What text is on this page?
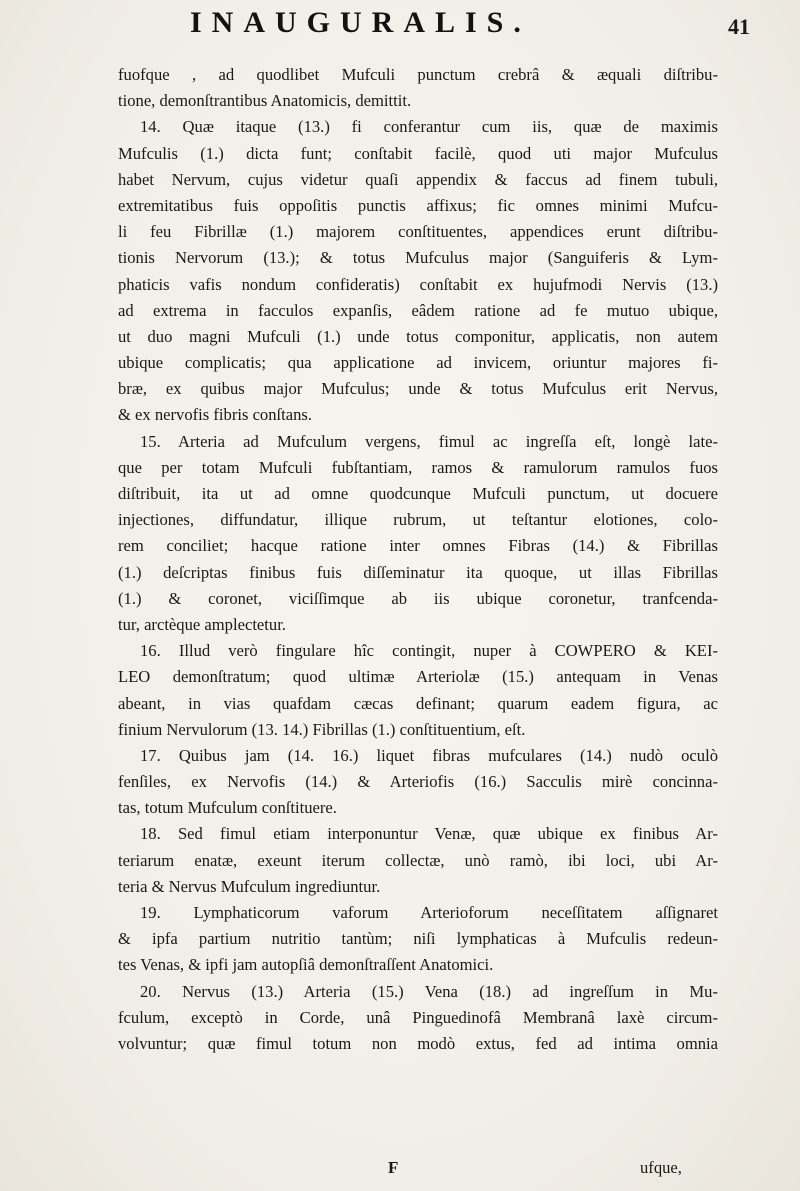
INAUGURALIS.	41
fuofque , ad quodlibet Mufculi punctum crebrâ & æquali diſtribu-
tione, demonſtrantibus Anatomicis, demittit.
14. Quæ itaque (13.) fi conferantur cum iis, quæ de maximis
Mufculis (1.) dicta funt; conſtabit facilè, quod uti major Mufculus
habet Nervum, cujus videtur quaſi appendix & faccus ad finem tubuli,
extremitatibus fuis oppoſitis punctis affixus; fic omnes minimi Mufcu-
li feu Fibrillæ (1.) majorem conſtituentes, appendices erunt diſtribu-
tionis Nervorum (13.); & totus Mufculus major (Sanguiferis & Lym-
phaticis vafis nondum confideratis) conſtabit ex hujufmodi Nervis (13.)
ad extrema in facculos expanſis, eâdem ratione ad fe mutuo ubique,
ut duo magni Mufculi (1.) unde totus componitur, applicatis, non autem
ubique complicatis; qua applicatione ad invicem, oriuntur majores fi-
bræ, ex quibus major Mufculus; unde & totus Mufculus erit Nervus,
& ex nervofis fibris conſtans.
15. Arteria ad Mufculum vergens, fimul ac ingreſſa eſt, longè late-
que per totam Mufculi fubſtantiam, ramos & ramulorum ramulos fuos
diſtribuit, ita ut ad omne quodcunque Mufculi punctum, ut docuere
injectiones, diffundatur, illique rubrum, ut teſtantur elotiones, colo-
rem conciliet; hacque ratione inter omnes Fibras (14.) & Fibrillas
(1.) deſcriptas finibus fuis diſſeminatur ita quoque, ut illas Fibrillas
(1.) & coronet, viciſſimque ab iis ubique coronetur, tranfcenda-
tur, arctèque amplectetur.
16. Illud verò fingulare hîc contingit, nuper à COWPERO & KEI-
LEO demonſtratum; quod ultimæ Arteriolæ (15.) antequam in Venas
abeant, in vias quafdam cæcas definant; quarum eadem figura, ac
finium Nervulorum (13. 14.) Fibrillas (1.) conſtituentium, eſt.
17. Quibus jam (14. 16.) liquet fibras mufculares (14.) nudò oculò
fenſiles, ex Nervofis (14.) & Arteriofis (16.) Sacculis mirè concinna-
tas, totum Mufculum conſtituere.
18. Sed fimul etiam interponuntur Venæ, quæ ubique ex finibus Ar-
teriarum enatæ, exeunt iterum collectæ, unò ramò, ibi loci, ubi Ar-
teria & Nervus Mufculum ingrediuntur.
19. Lymphaticorum vaforum Arterioforum neceſſitatem aſſignaret
& ipfa partium nutritio tantùm; niſi lymphaticas à Mufculis redeun-
tes Venas, & ipfi jam autopſiâ demonſtraſſent Anatomici.
20. Nervus (13.) Arteria (15.) Vena (18.) ad ingreſſum in Mu-
fculum, exceptò in Corde, unâ Pinguedinofâ Membranâ laxè circum-
volvuntur; quæ fimul totum non modò extus, fed ad intima omnia
F	ufque,
